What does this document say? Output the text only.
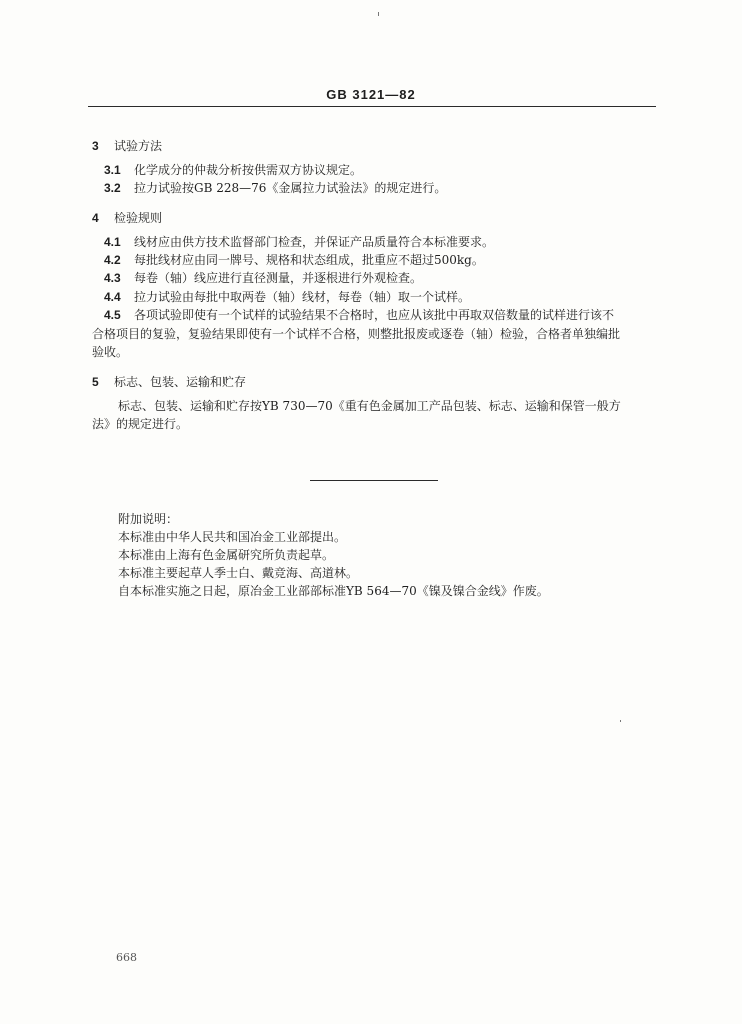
GB 3121—82
3 试验方法
3.1 化学成分的仲裁分析按供需双方协议规定。
3.2 拉力试验按GB 228—76《金属拉力试验法》的规定进行。
4 检验规则
4.1 线材应由供方技术监督部门检查，并保证产品质量符合本标准要求。
4.2 每批线材应由同一牌号、规格和状态组成，批重应不超过500kg。
4.3 每卷（轴）线应进行直径测量，并逐根进行外观检查。
4.4 拉力试验由每批中取两卷（轴）线材，每卷（轴）取一个试样。
4.5 各项试验即使有一个试样的试验结果不合格时，也应从该批中再取双倍数量的试样进行该不
合格项目的复验，复验结果即使有一个试样不合格，则整批报废或逐卷（轴）检验，合格者单独编批
验收。
5 标志、包装、运输和贮存
标志、包装、运输和贮存按YB 730—70《重有色金属加工产品包装、标志、运输和保管一般方
法》的规定进行。
附加说明：
本标准由中华人民共和国冶金工业部提出。
本标准由上海有色金属研究所负责起草。
本标准主要起草人季士白、戴竞海、高道林。
自本标准实施之日起，原冶金工业部部标准YB 564—70《镍及镍合金线》作废。
668
